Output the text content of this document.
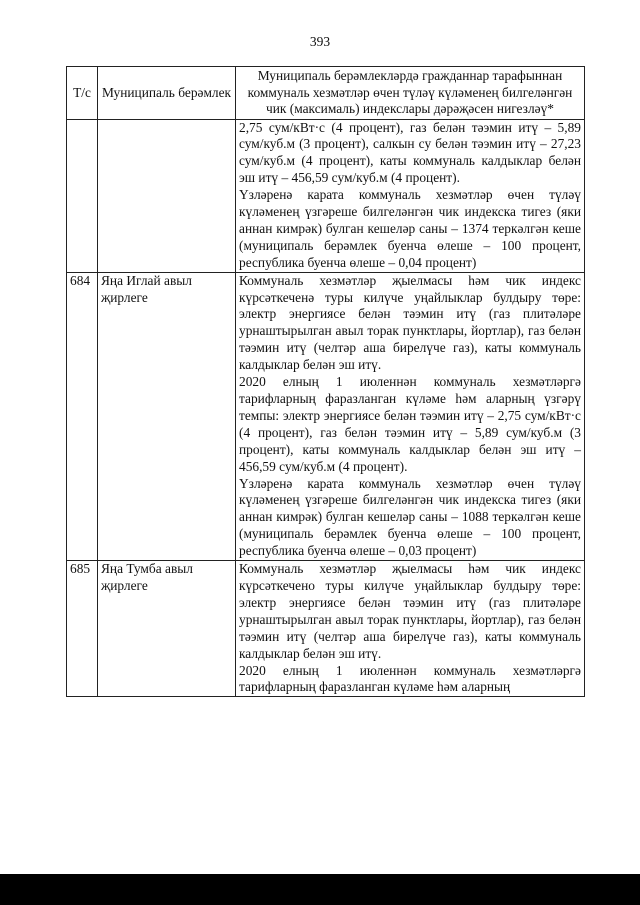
393
Т/с	Муниципаль берәмлек	Муниципаль берәмлекләрдә гражданнар тарафыннан коммуналь хезмәтләр өчен түләү күләменең билгеләнгән чик (максималь) индекслары дәрәҗәсен нигезләү*

		2,75 сум/кВт·с (4 процент), газ белән тәэмин итү – 5,89 сум/куб.м (3 процент), салкын су белән тәэмин итү – 27,23 сум/куб.м (4 процент), каты коммуналь калдыклар белән эш итү – 456,59 сум/куб.м (4 процент).

Үзләренә карата коммуналь хезмәтләр өчен түләү күләменең үзгәреше билгеләнгән чик индекска тигез (яки аннан кимрәк) булган кешеләр саны – 1374 теркәлгән кеше (муниципаль берәмлек буенча өлеше – 100 процент, республика буенча өлеше – 0,04 процент)

684	Яңа Иглай авыл җирлеге	Коммуналь хезмәтләр җыелмасы һәм чик индекс күрсәткеченә туры килүче уңайлыклар булдыру төре: электр энергиясе белән тәэмин итү (газ плитәләре урнаштырылган авыл торак пунктлары, йортлар), газ белән тәэмин итү (челтәр аша бирелүче газ), каты коммуналь калдыклар белән эш итү.

2020 елның 1 июленнән коммуналь хезмәтләргә тарифларның фаразланган күләме һәм аларның үзгәрү темпы: электр энергиясе белән тәэмин итү – 2,75 сум/кВт·с (4 процент), газ белән тәэмин итү – 5,89 сум/куб.м (3 процент), каты коммуналь калдыклар белән эш итү – 456,59 сум/куб.м (4 процент).

Үзләренә карата коммуналь хезмәтләр өчен түләү күләменең үзгәреше билгеләнгән чик индекска тигез (яки аннан кимрәк) булган кешеләр саны – 1088 теркәлгән кеше (муниципаль берәмлек буенча өлеше – 100 процент, республика буенча өлеше – 0,03 процент)

685	Яңа Тумба авыл җирлеге	Коммуналь хезмәтләр җыелмасы һәм чик индекс күрсәткечено туры килүче уңайлыклар булдыру төре: электр энергиясе белән тәэмин итү (газ плитәләре урнаштырылган авыл торак пунктлары, йортлар), газ белән тәэмин итү (челтәр аша бирелүче газ), каты коммуналь калдыклар белән эш итү.

2020 елның 1 июленнән коммуналь хезмәтләргә тарифларның фаразланган күләме һәм аларның
